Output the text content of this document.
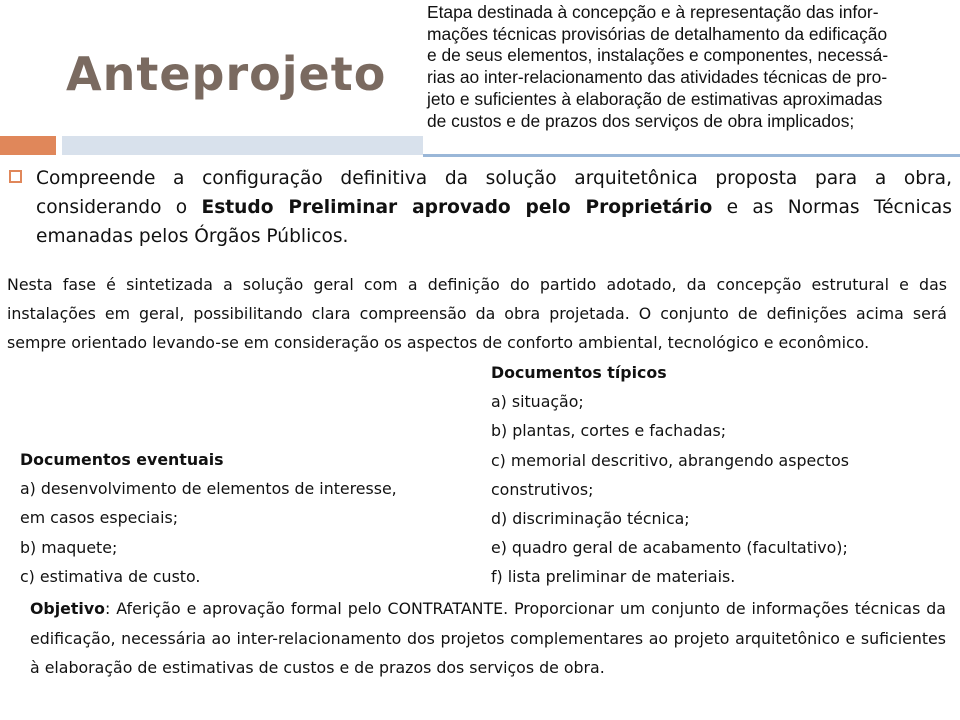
Anteprojeto
Etapa destinada à concepção e à representação das infor-
mações técnicas provisórias de detalhamento da edificação
e de seus elementos, instalações e componentes, necessá-
rias ao inter-relacionamento das atividades técnicas de pro-
jeto e suficientes à elaboração de estimativas aproximadas
de custos e de prazos dos serviços de obra implicados;

Compreende a configuração definitiva da solução arquitetônica proposta para a obra, considerando o Estudo Preliminar aprovado pelo Proprietário e as Normas Técnicas emanadas pelos Órgãos Públicos.

Nesta fase é sintetizada a solução geral com a definição do partido adotado, da concepção estrutural e das instalações em geral, possibilitando clara compreensão da obra projetada. O conjunto de definições acima será sempre orientado levando-se em consideração os aspectos de conforto ambiental, tecnológico e econômico.

Documentos típicos
a) situação;
b) plantas, cortes e fachadas;
c) memorial descritivo, abrangendo aspectos
construtivos;
d) discriminação técnica;
e) quadro geral de acabamento (facultativo);
f) lista preliminar de materiais.
Documentos eventuais
a) desenvolvimento de elementos de interesse,
em casos especiais;
b) maquete;
c) estimativa de custo.

Objetivo: Aferição e aprovação formal pelo CONTRATANTE. Proporcionar um conjunto de informações técnicas da edificação, necessária ao inter-relacionamento dos projetos complementares ao projeto arquitetônico e suficientes à elaboração de estimativas de custos e de prazos dos serviços de obra.
